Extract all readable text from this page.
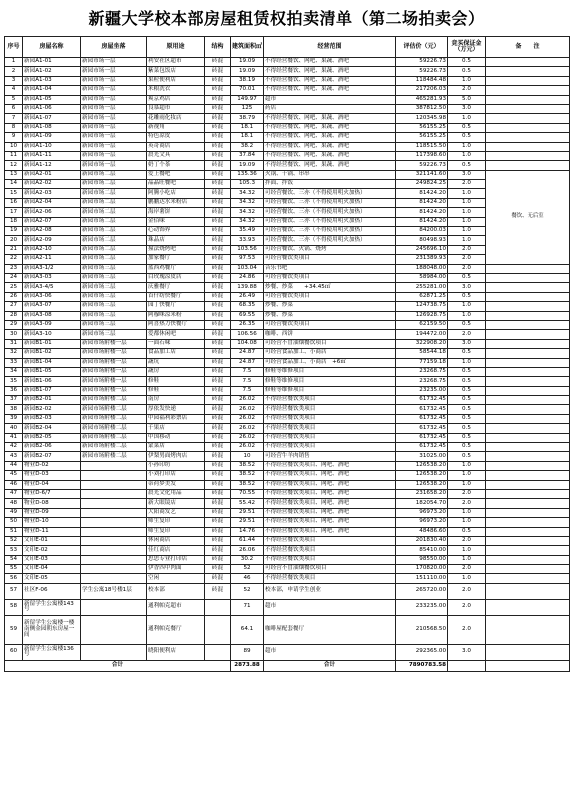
新疆大学校本部房屋租赁权拍卖清单（第二场拍卖会）
序号	房屋名称	房屋坐落	原用途	结构	建筑面积㎡	经营范围	评估价（元）	竞买保证金（万元）	备　　注
1	新园A1-01	新园市场一层	利安社区超市	砖混	19.09	不得经营餐饮、网吧、果蔬、酒吧	59226.73	0.5	
2	新园A1-02	新园市场一层	紫菜包饭店	砖混	19.09	不得经营餐饮、网吧、果蔬、酒吧	59226.73	0.5	
3	新园A1-03	新园市场一层	果粒便利店	砖混	38.19	不得经营餐饮、网吧、果蔬、酒吧	118484.48	1.0	
4	新园A1-04	新园市场一层	米粮洗衣	砖混	70.01	不得经营餐饮、网吧、果蔬、酒吧	217206.03	2.0	
5	新园A1-05	新园市场一层	爽京鸡店	砖混	149.97	超市	465281.93	5.0	
6	新园A1-06	新园市场一层	良慕超市	砖混	125	药店	387812.50	3.0	
7	新园A1-07	新园市场一层	花雕雨化妆店	砖混	38.79	不得经营餐饮、网吧、果蔬、酒吧	120345.98	1.0	
8	新园A1-08	新园市场一层	新视角	砖混	18.1	不得经营餐饮、网吧、果蔬、酒吧	56155.25	0.5	
9	新园A1-09	新园市场一层	特色凉皮	砖混	18.1	不得经营餐饮、网吧、果蔬、酒吧	56155.25	0.5	
10	新园A1-10	新园市场一层	英奇商店	砖混	38.2	不得经营餐饮、网吧、果蔬、酒吧	118515.50	1.0	
11	新园A1-11	新园市场一层	晨光文具	砖混	37.84	不得经营餐饮、网吧、果蔬、酒吧	117398.60	1.0	
12	新园A1-12	新园市场一层	奶丁个茶	砖混	19.09	不得经营餐饮、网吧、果蔬、酒吧	59226.73	0.5	
13	新园A2-01	新园市场二层	爱上餐吧	砖混	135.36	火锅、干锅、串串	321141.60	3.0	餐饮、无后室
14	新园A2-02	新园市场二层	晶晶旺餐吧	砖混	105.3	拌面、拌饭	249824.25	2.0	
15	新园A2-03	新园市场二层	阿腾小吃店	砖混	34.32	可经营餐饮、三亦（不得使用明火加热）	81424.20	1.0	
16	新园A2-04	新园市场二层	鹏鹏达水米粉店	砖混	34.32	可经营餐饮、三亦（不得使用明火加热）	81424.20	1.0	
17	新园A2-06	新园市场二层	海岸薯饼	砖混	34.32	可经营餐饮、三亦（不得使用明火加热）	81424.20	1.0	
18	新园A2-07	新园市场二层	金佰味	砖混	34.32	可经营餐饮、三亦（不得使用明火加热）	81424.20	1.0	
19	新园A2-08	新园市场二层	心动饰界	砖混	35.49	可经营餐饮、三亦（不得使用明火加热）	84200.03	1.0	
20	新园A2-09	新园市场二层	珠品店	砖混	33.93	可经营餐饮、三亦（不得使用明火加热）	80498.93	1.0	
21	新园A2-10	新园市场二层	撞法烧烤吧	砖混	103.56	可经营餐饮、火锅、烧烤	245696.10	2.0	
22	新园A2-11	新园市场二层	加家餐厅	砖混	97.53	可经营餐饮类项目	231389.93	2.0	
23	新园A3-1/2	新园市场三层	蓝西鸡餐厅	砖混	103.04	音乐书吧	188048.00	2.0	
24	新园A3-03	新园市场三层	白玫瑰凉皮店	砖混	24.86	可经营餐饮类项目	58984.00	0.5	
25	新园A3-4/5	新园市场三层	庆雅餐厅	砖混	139.88	炒餐、炒菜　　+34.45㎡	255281.00	3.0	
26	新园A3-06	新园市场三层	首什纺快餐厅	砖混	26.49	可经营餐饮类项目	62871.25	0.5	
27	新园A3-07	新园市场三层	园丁快餐厅	砖混	68.35	炒餐、炒菜	124738.75	1.0	
28	新园A3-08	新园市场三层	阿穆咪凉米粉	砖混	69.55	炒餐、炒菜	126928.75	1.0	
29	新园A3-09	新园市场三层	阿喜热力快餐厅	砖混	26.35	可经营餐饮类项目	62159.50	0.5	
30	新园A3-10	新园市场三层	爱都休闲吧	砖混	106.56	咖啡、西饼	194472.00	2.0	
31	新园B1-01	新园市场附楼一层	一面石味	砖混	104.08	可经营不冒油烟餐饮项目	322908.20	3.0	
32	新园B1-02	新园市场附楼一层	食品加工店	砖混	24.87	可经营食品加工、小商店	58544.18	0.5	
33	新园B1-04	新园市场附楼一层	蔬坑	砖混	24.87	可经营食品加工、小商店　+6㎡	77159.18	1.0	
34	新园B1-05	新园市场附楼一层	蔬房	砖混	7.5	修鞋等维修项目	23268.75	0.5	
35	新园B1-06	新园市场附楼一层	修鞋	砖混	7.5	修鞋等维修项目	23268.75	0.5	
36	新园B1-07	新园市场附楼一层	修鞋	砖混	7.5	修鞋等维修项目	23235.00	0.5	
37	新园B2-01	新园市场附楼二层	南房	砖混	26.02	不得经营餐饮类项目	61732.45	0.5	
38	新园B2-02	新园市场附楼二层	厚依发快递	砖混	26.02	不得经营餐饮类项目	61732.45	0.5	
39	新园B2-03	新园市场附楼二层	中园福利彩票店	砖混	26.02	不得经营餐饮类项目	61732.45	0.5	
40	新园B2-04	新园市场附楼二层	千果店	砖混	26.02	不得经营餐饮类项目	61732.45	0.5	
41	新园B2-05	新园市场附楼二层	中国移动	砖混	26.02	不得经营餐饮类项目	61732.45	0.5	
42	新园B2-06	新园市场附楼二层	蒙菜店	砖混	26.02	不得经营餐饮类项目	61732.45	0.5	
43	新园B2-07	新园市场附楼二层	伊梨男面烤肉店	砖混	10	可经营牛羊肉销售	31025.00	0.5	
44	物业D-02		小孙印坊	砖混	38.52	不得经营餐饮类项目、网吧、酒吧	126538.20	1.0	
45	物业D-03		小刘打印店	砖混	38.52	不得经营餐饮类项目、网吧、酒吧	126538.20	1.0	
46	物业D-04		蒂荷梦美发	砖混	38.52	不得经营餐饮类项目、网吧、酒吧	126538.20	1.0	
47	物业D-6/7		晨光文化用品	砖混	70.55	不得经营餐饮类项目、网吧、酒吧	231658.20	2.0	
48	物业D-08		新大眼镜店	砖混	55.42	不得经营餐饮类项目、网吧、酒吧	182054.70	2.0	
49	物业D-09		大阳商发艺	砖混	29.51	不得经营餐饮类项目、网吧、酒吧	96973.20	1.0	
50	物业D-10		师生复印	砖混	29.51	不得经营餐饮类项目、网吧、酒吧	96973.20	1.0	
51	物业D-11		师生复印	砖混	14.76	不得经营餐饮类项目、网吧、酒吧	48486.60	0.5	
52	文印E-01		休闲商店	砖混	61.44	不得经营餐饮类项目	201830.40	2.0	
53	文印E-02		佳红商店	砖混	26.06	不得经营餐饮类项目	85410.00	1.0	
54	文印E-03		思思专业打印店	砖混	30.2	不得经营餐饮类项目	98550.00	1.0	
55	文印E-04		伊香四中肉面	砖混	52	可经营不冒油烟餐饮项目	170820.00	2.0	
56	文印E-05		空闲	砖混	46	不得经营餐饮类项目	151110.00	1.0	
57	社区F-06	学生公寓18号楼1层	校本部	砖混	52	校本部，申请学生创业	265720.00	2.0	
58	新留学生公寓楼143号		通利帕克超市		71	超市	233235.00	2.0	
59	新留学生公寓楼一楼南侧金园朝东房屋一间		通利帕克餐厅		64.1	咖啡屋配套餐厅	210568.50	2.0	
60	新留学生公寓楼136号		晓阳便利店		89	超市	292365.00	3.0	
合计					2873.88	合计	7890783.58		
